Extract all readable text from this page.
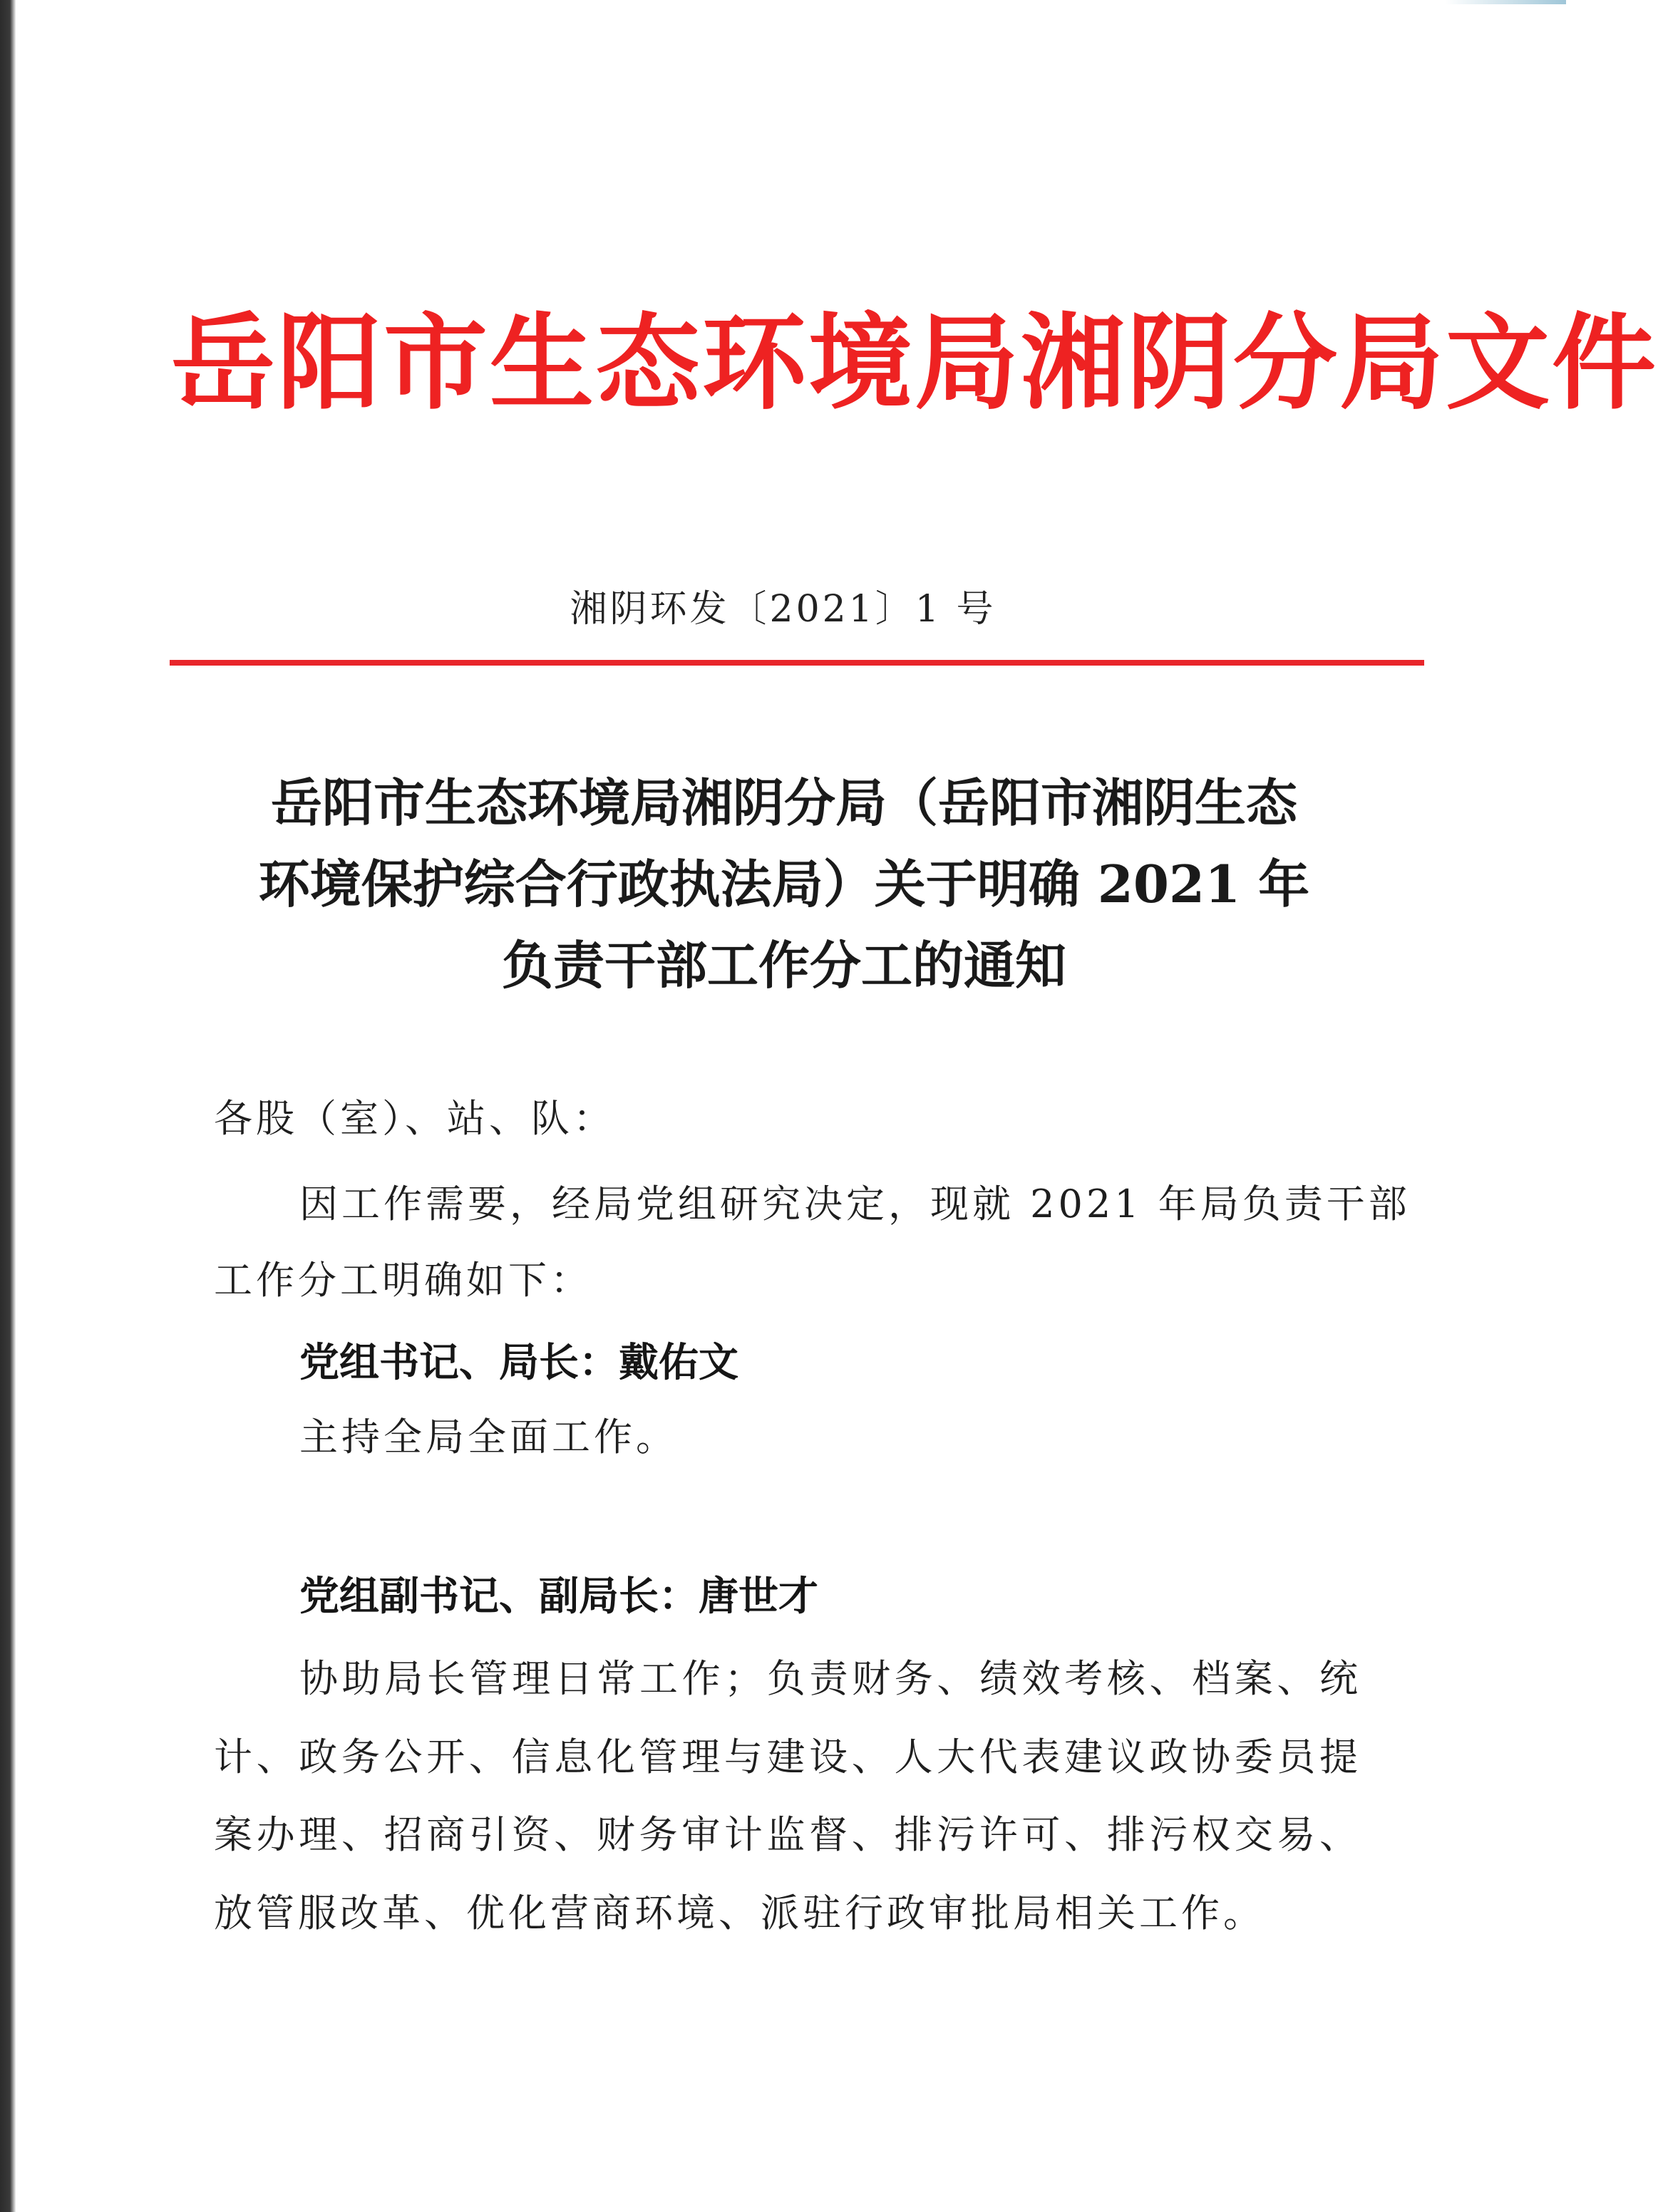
岳阳市生态环境局湘阴分局文件
湘阴环发〔2021〕1 号
岳阳市生态环境局湘阴分局（岳阳市湘阴生态
环境保护综合行政执法局）关于明确 2021 年
负责干部工作分工的通知
各股（室）、站、队：
因工作需要，经局党组研究决定，现就 2021 年局负责干部
工作分工明确如下：
党组书记、局长：戴佑文
主持全局全面工作。
党组副书记、副局长：唐世才
协助局长管理日常工作；负责财务、绩效考核、档案、统
计、政务公开、信息化管理与建设、人大代表建议政协委员提
案办理、招商引资、财务审计监督、排污许可、排污权交易、
放管服改革、优化营商环境、派驻行政审批局相关工作。
